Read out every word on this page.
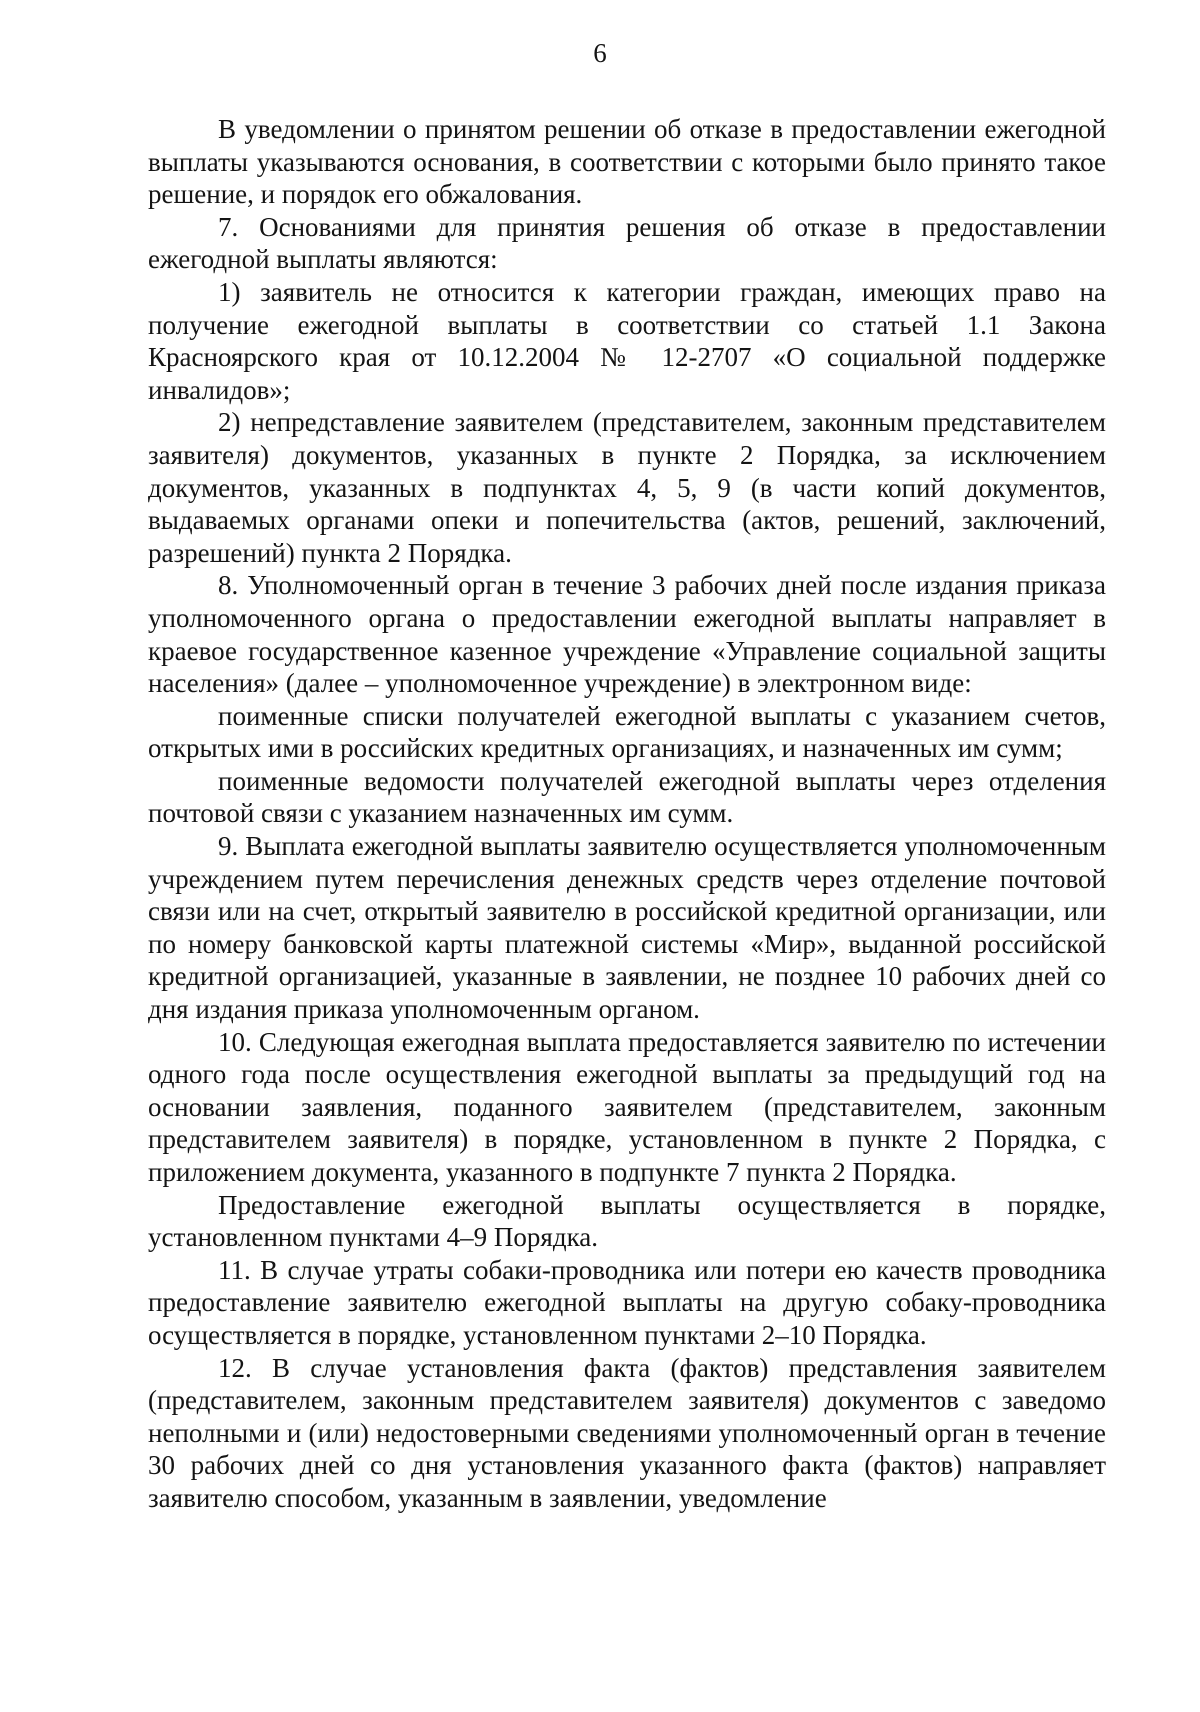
6

В уведомлении о принятом решении об отказе в предоставлении ежегодной выплаты указываются основания, в соответствии с которыми было принято такое решение, и порядок его обжалования.

7. Основаниями для принятия решения об отказе в предоставлении ежегодной выплаты являются:

1) заявитель не относится к категории граждан, имеющих право на получение ежегодной выплаты в соответствии со статьей 1.1 Закона Красноярского края от 10.12.2004 № 12-2707 «О социальной поддержке инвалидов»;

2) непредставление заявителем (представителем, законным представителем заявителя) документов, указанных в пункте 2 Порядка, за исключением документов, указанных в подпунктах 4, 5, 9 (в части копий документов, выдаваемых органами опеки и попечительства (актов, решений, заключений, разрешений) пункта 2 Порядка.

8. Уполномоченный орган в течение 3 рабочих дней после издания приказа уполномоченного органа о предоставлении ежегодной выплаты направляет в краевое государственное казенное учреждение «Управление социальной защиты населения» (далее – уполномоченное учреждение) в электронном виде:

поименные списки получателей ежегодной выплаты с указанием счетов, открытых ими в российских кредитных организациях, и назначенных им сумм;

поименные ведомости получателей ежегодной выплаты через отделения почтовой связи с указанием назначенных им сумм.

9. Выплата ежегодной выплаты заявителю осуществляется уполномоченным учреждением путем перечисления денежных средств через отделение почтовой связи или на счет, открытый заявителю в российской кредитной организации, или по номеру банковской карты платежной системы «Мир», выданной российской кредитной организацией, указанные в заявлении, не позднее 10 рабочих дней со дня издания приказа уполномоченным органом.

10. Следующая ежегодная выплата предоставляется заявителю по истечении одного года после осуществления ежегодной выплаты за предыдущий год на основании заявления, поданного заявителем (представителем, законным представителем заявителя) в порядке, установленном в пункте 2 Порядка, с приложением документа, указанного в подпункте 7 пункта 2 Порядка.

Предоставление ежегодной выплаты осуществляется в порядке, установленном пунктами 4–9 Порядка.

11. В случае утраты собаки-проводника или потери ею качеств проводника предоставление заявителю ежегодной выплаты на другую собаку-проводника осуществляется в порядке, установленном пунктами 2–10 Порядка.

12. В случае установления факта (фактов) представления заявителем (представителем, законным представителем заявителя) документов с заведомо неполными и (или) недостоверными сведениями уполномоченный орган в течение 30 рабочих дней со дня установления указанного факта (фактов) направляет заявителю способом, указанным в заявлении, уведомление
